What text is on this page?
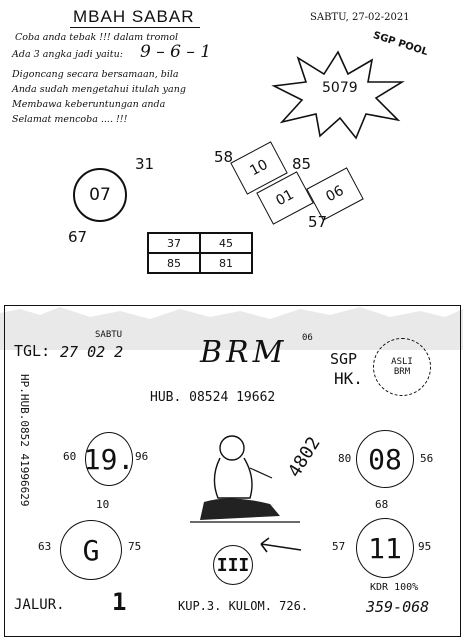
MBAH SABAR	SABTU, 27-02-2021
SGP POOL
Coba anda tebak !!! dalam tromol
Ada 3 angka jadi yaitu: 9 – 6 – 1
Digoncang secara bersamaan, bila
Anda sudah mengetahui itulah yang
Membawa keberuntungan anda
Selamat mencoba .... !!!
5079
07
31
67
58 10 85
01 06
57
37	45
85	81
TGL: 27 02 2
SABTU	BRM 06
SGP
HK.
ASLI
BRM
HUB. 08524 19662
HP.HUB.0852 41996629 19.
60	96
10
G
63	75
08
80	56
68
11
57	95
4802
III
JALUR. 1	KUP.3. KULOM. 726.
KDR 100%
359-068
